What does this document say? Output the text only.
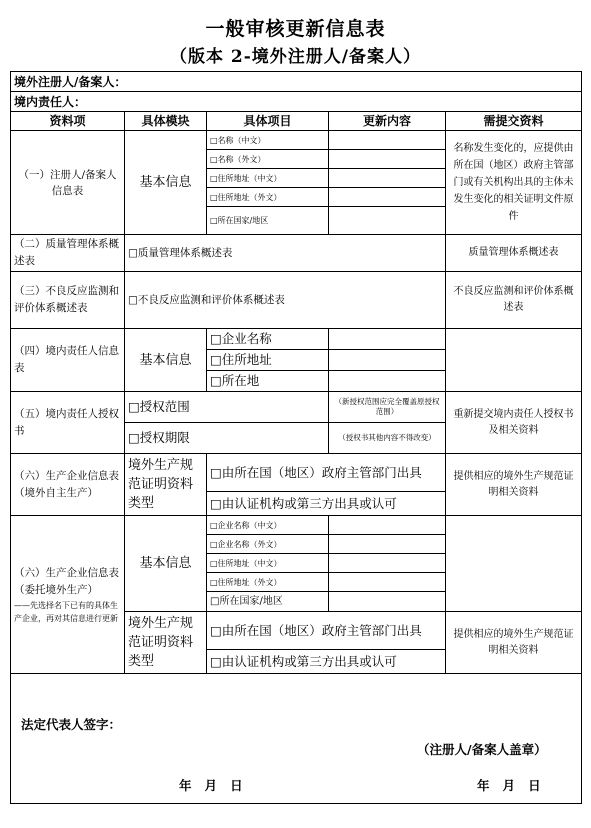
一般审核更新信息表
（版本 2-境外注册人/备案人）
境外注册人/备案人：				
境内责任人：				
资料项	具体模块	具体项目	更新内容	需提交资料
（一）注册人/备案人信息表	基本信息	□名称（中文）		名称发生变化的，应提供由所在国（地区）政府主管部门或有关机构出具的主体未发生变化的相关证明文件原件
		□名称（外文）		
		□住所地址（中文）		
		□住所地址（外文）		
		□所在国家/地区		
（二）质量管理体系概述表	□质量管理体系概述表			质量管理体系概述表
（三）不良反应监测和评价体系概述表	□不良反应监测和评价体系概述表			不良反应监测和评价体系概述表
（四）境内责任人信息表	基本信息	□企业名称		
		□住所地址		
		□所在地		
（五）境内责任人授权书	□授权范围		（新授权范围应完全覆盖原授权范围）	重新提交境内责任人授权书及相关资料
	□授权期限		（授权书其他内容不得改变）	
（六）生产企业信息表（境外自主生产）	境外生产规范证明资料类型	□由所在国（地区）政府主管部门出具		提供相应的境外生产规范证明相关资料
		□由认证机构或第三方出具或认可		

（六）生产企业信息表（委托境外生产）
——先选择名下已有的具体生产企业，再对其信息进行更新	基本信息	□企业名称（中文）		
		□企业名称（外文）		
		□住所地址（中文）		
		□住所地址（外文）		
		□所在国家/地区		
	境外生产规范证明资料类型	□由所在国（地区）政府主管部门出具		提供相应的境外生产规范证明相关资料
		□由认证机构或第三方出具或认可		

法定代表人签字：
（注册人/备案人盖章）
年   月   日 年   月   日				
